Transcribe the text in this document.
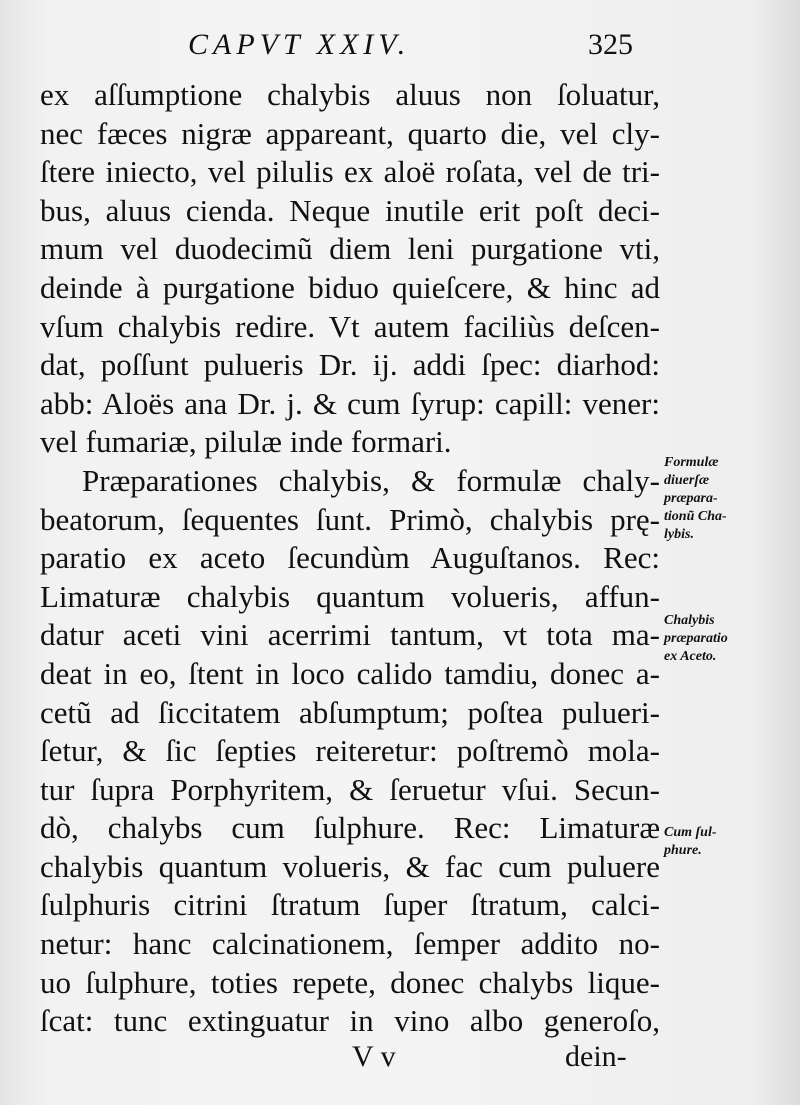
CAPVT XXIV.	325
ex aſſumptione chalybis aluus non ſoluatur,
nec fæces nigræ appareant, quarto die, vel cly-
ſtere iniecto, vel pilulis ex aloë roſata, vel de tri-
bus, aluus cienda. Neque inutile erit poſt deci-
mum vel duodecimũ diem leni purgatione vti,
deinde à purgatione biduo quieſcere, & hinc ad
vſum chalybis redire. Vt autem faciliùs deſcen-
dat, poſſunt pulueris Dr. ij. addi ſpec: diarhod:
abb: Aloës ana Dr. j. & cum ſyrup: capill: vener:
vel fumariæ, pilulæ inde formari.
Præparationes chalybis, & formulæ chaly-
beatorum, ſequentes ſunt. Primò, chalybis prę-
paratio ex aceto ſecundùm Auguſtanos. Rec:
Limaturæ chalybis quantum volueris, affun-
datur aceti vini acerrimi tantum, vt tota ma-
deat in eo, ſtent in loco calido tamdiu, donec a-
cetũ ad ſiccitatem abſumptum; poſtea pulueri-
ſetur, & ſic ſepties reiteretur: poſtremò mola-
tur ſupra Porphyritem, & ſeruetur vſui. Secun-
dò, chalybs cum ſulphure. Rec: Limaturæ
chalybis quantum volueris, & fac cum puluere
ſulphuris citrini ſtratum ſuper ſtratum, calci-
netur: hanc calcinationem, ſemper addito no-
uo ſulphure, toties repete, donec chalybs lique-
ſcat: tunc extinguatur in vino albo generoſo,
Formulæ
diuerſæ
præpara-
tionũ Cha-
lybis.
Chalybis
præparatio
ex Aceto.
Cum ſul-
phure.
V v	dein-
